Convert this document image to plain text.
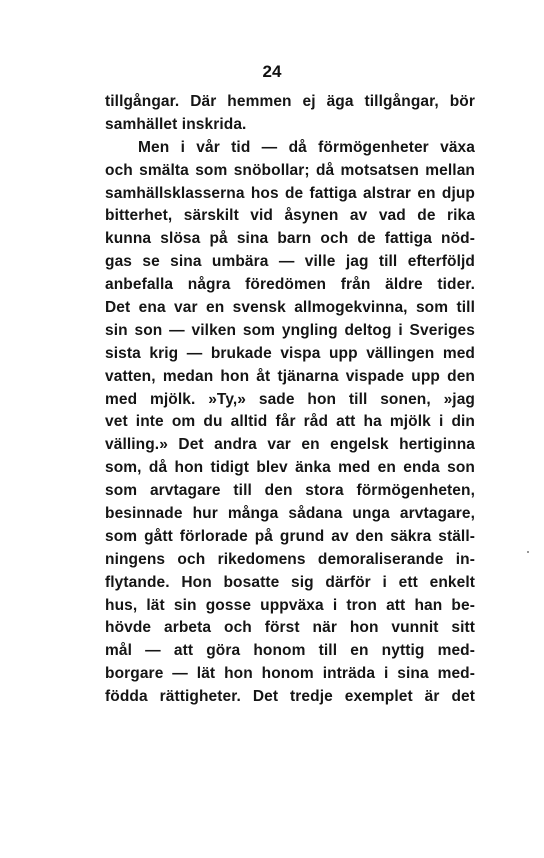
24
tillgångar. Där hemmen ej äga tillgångar, bör
samhället inskrida.
Men i vår tid — då förmögenheter växa
och smälta som snöbollar; då motsatsen mellan
samhällsklasserna hos de fattiga alstrar en djup
bitterhet, särskilt vid åsynen av vad de rika
kunna slösa på sina barn och de fattiga nöd-
gas se sina umbära — ville jag till efterföljd
anbefalla några föredömen från äldre tider.
Det ena var en svensk allmogekvinna, som till
sin son — vilken som yngling deltog i Sveriges
sista krig — brukade vispa upp vällingen med
vatten, medan hon åt tjänarna vispade upp den
med mjölk. »Ty,» sade hon till sonen, »jag
vet inte om du alltid får råd att ha mjölk i din
välling.» Det andra var en engelsk hertiginna
som, då hon tidigt blev änka med en enda son
som arvtagare till den stora förmögenheten,
besinnade hur många sådana unga arvtagare,
som gått förlorade på grund av den säkra ställ-
ningens och rikedomens demoraliserande in-
flytande. Hon bosatte sig därför i ett enkelt
hus, lät sin gosse uppväxa i tron att han be-
hövde arbeta och först när hon vunnit sitt
mål — att göra honom till en nyttig med-
borgare — lät hon honom inträda i sina med-
födda rättigheter. Det tredje exemplet är det
